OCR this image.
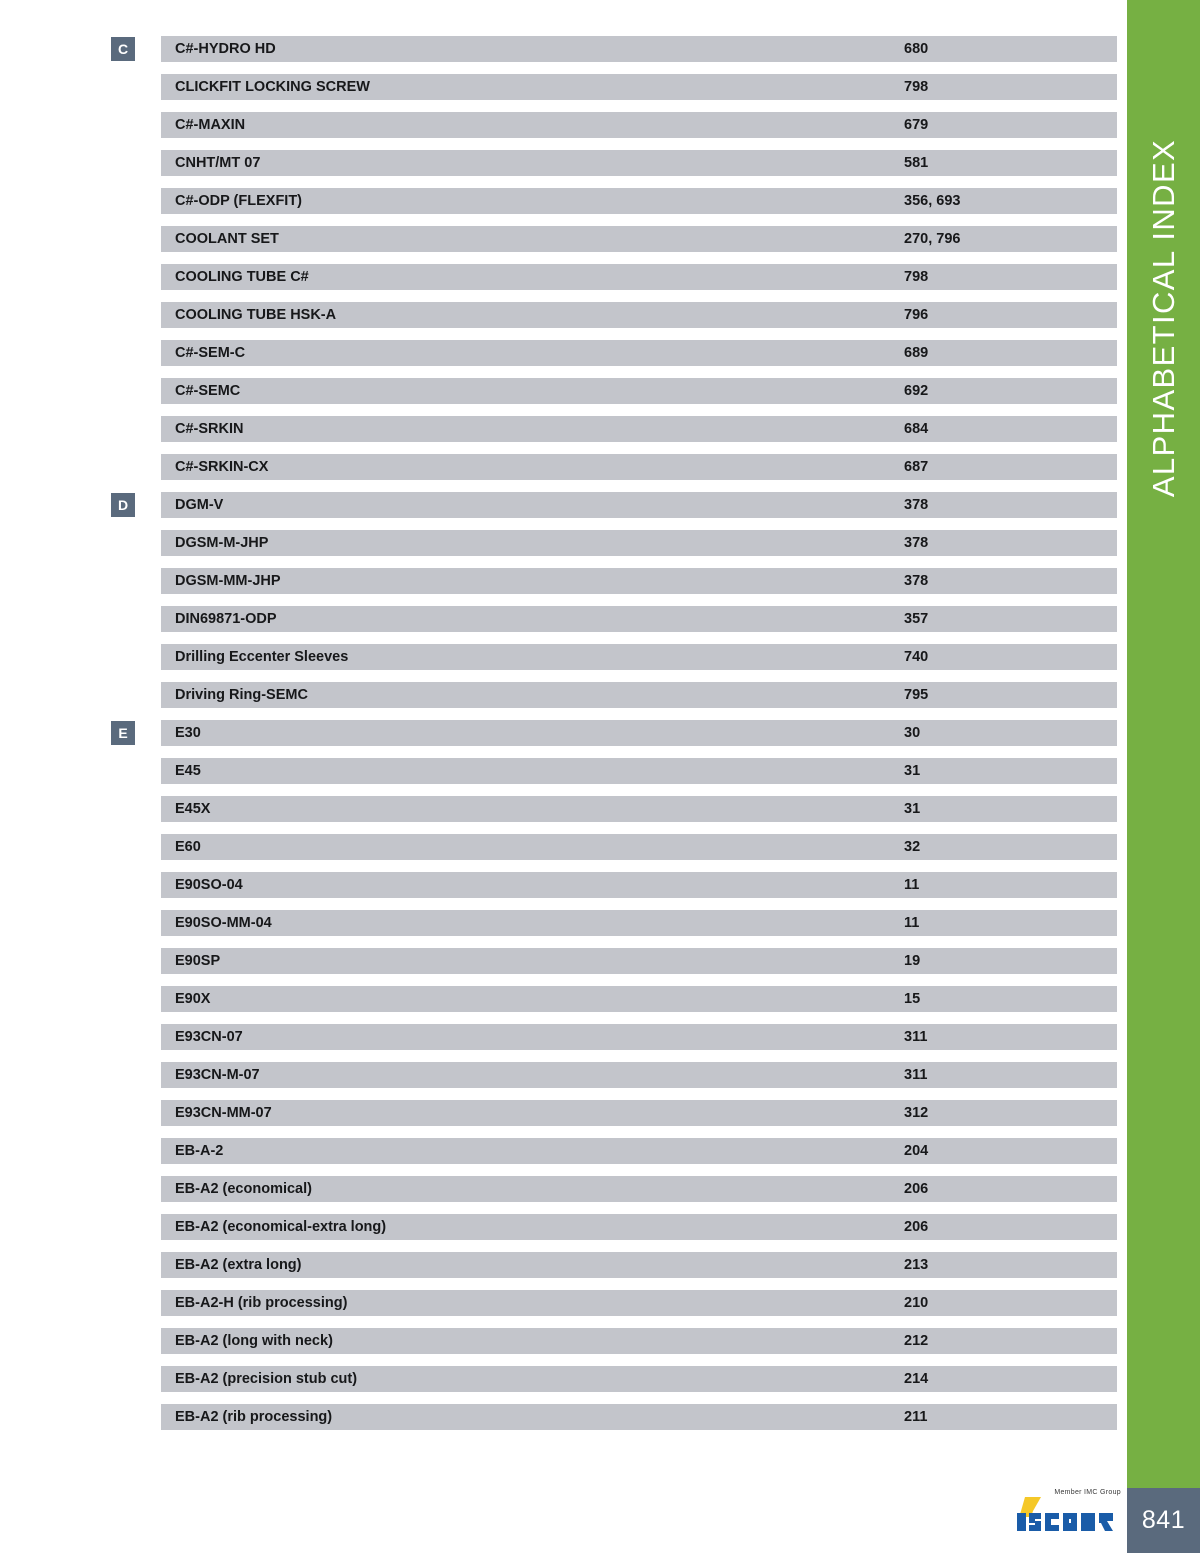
ALPHABETICAL INDEX
841
C	C#-HYDRO HD	680
CLICKFIT LOCKING SCREW	798
C#-MAXIN	679
CNHT/MT 07	581
C#-ODP (FLEXFIT)	356, 693
COOLANT SET	270, 796
COOLING TUBE C#	798
COOLING TUBE HSK-A	796
C#-SEM-C	689
C#-SEMC	692
C#-SRKIN	684
C#-SRKIN-CX	687
D	DGM-V	378
DGSM-M-JHP	378
DGSM-MM-JHP	378
DIN69871-ODP	357
Drilling Eccenter Sleeves	740
Driving Ring-SEMC	795
E	E30	30
E45	31
E45X	31
E60	32
E90SO-04	11
E90SO-MM-04	11
E90SP	19
E90X	15
E93CN-07	311
E93CN-M-07	311
E93CN-MM-07	312
EB-A-2	204
EB-A2 (economical)	206
EB-A2 (economical-extra long)	206
EB-A2 (extra long)	213
EB-A2-H (rib processing)	210
EB-A2 (long with neck)	212
EB-A2 (precision stub cut)	214
EB-A2 (rib processing)	211
Member IMC Group
